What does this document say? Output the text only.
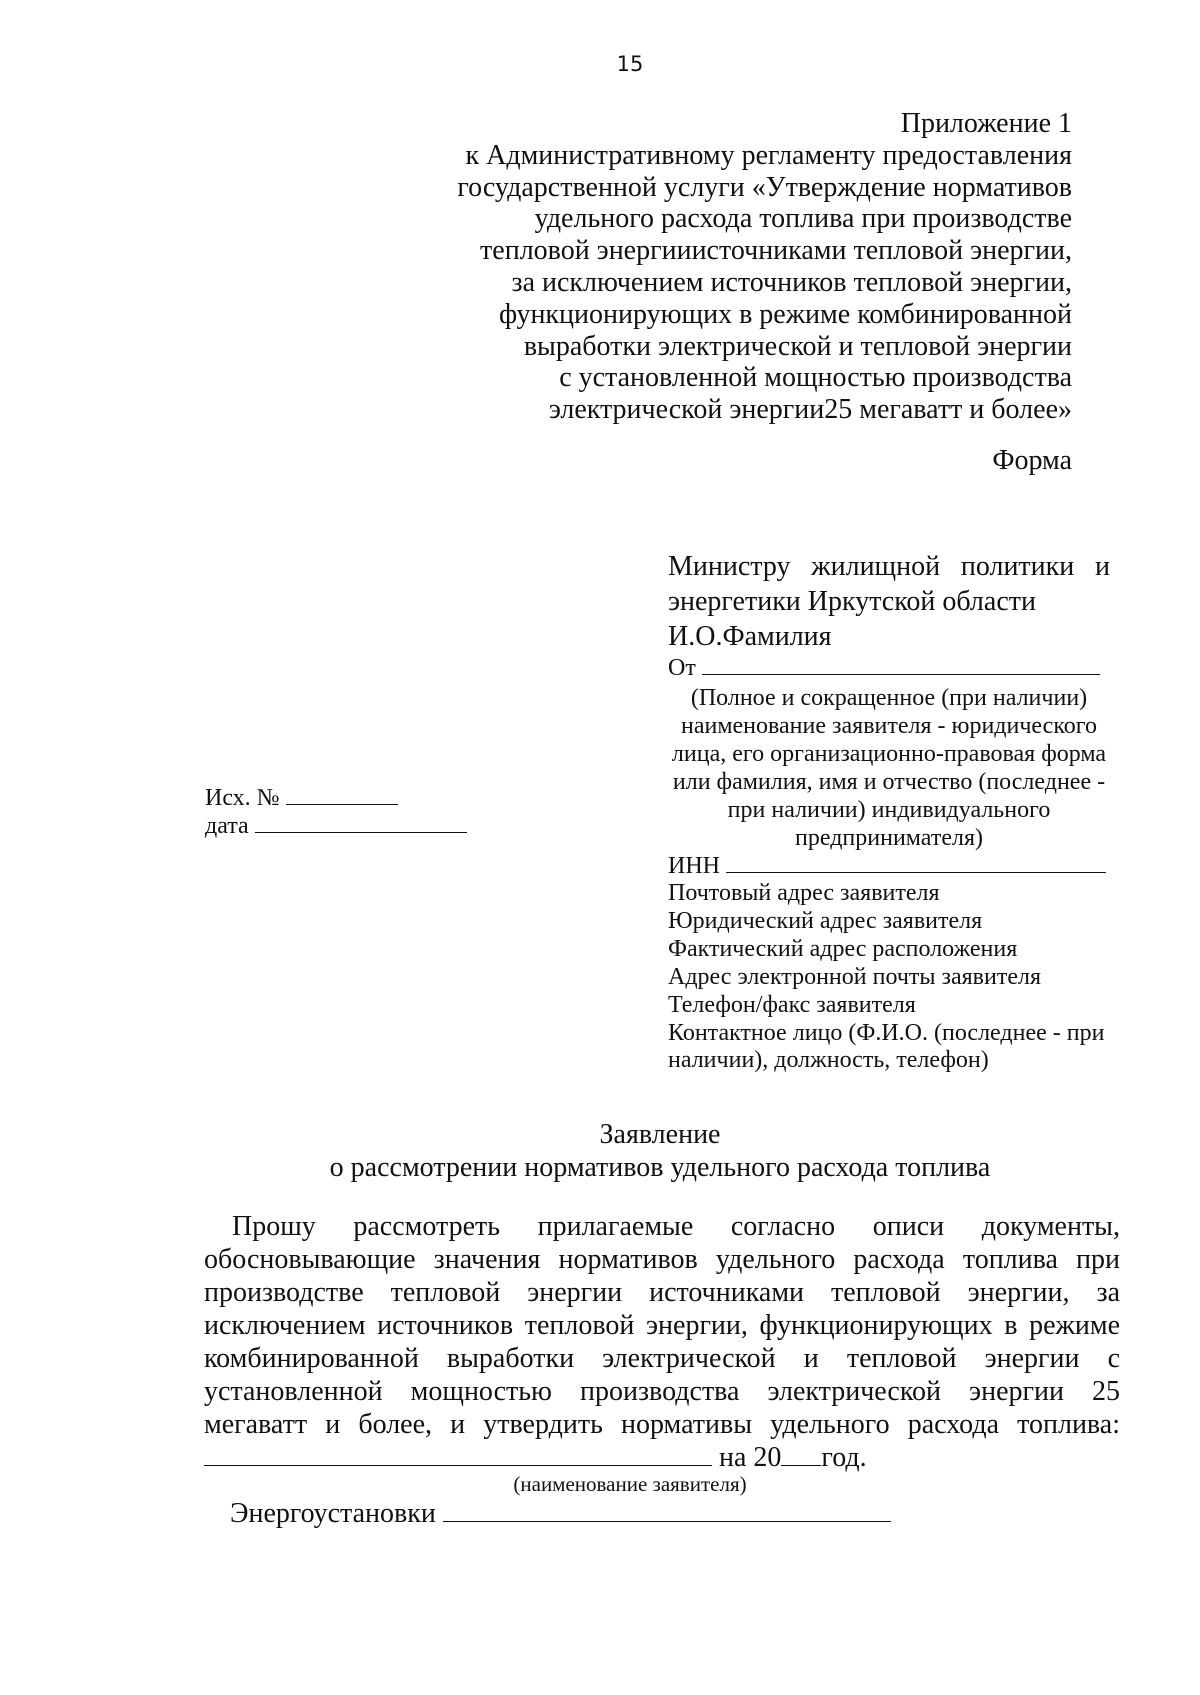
15
Приложение 1
к Административному регламенту предоставления
государственной услуги «Утверждение нормативов
удельного расхода топлива при производстве
тепловой энергииисточниками тепловой энергии,
за исключением источников тепловой энергии,
функционирующих в режиме комбинированной
выработки электрической и тепловой энергии
с установленной мощностью производства
электрической энергии25 мегаватт и более»
Форма
Министру жилищной политики и
энергетики Иркутской области
И.О.Фамилия
От
(Полное и сокращенное (при наличии) наименование заявителя - юридического лица, его организационно-правовая форма или фамилия, имя и отчество (последнее - при наличии) индивидуального предпринимателя)
ИНН
Почтовый адрес заявителя
Юридический адрес заявителя
Фактический адрес расположения
Адрес электронной почты заявителя
Телефон/факс заявителя
Контактное лицо (Ф.И.О. (последнее - при наличии), должность, телефон)
Исх. №
дата
Заявление
о рассмотрении нормативов удельного расхода топлива
Прошу рассмотреть прилагаемые согласно описи документы, обосновывающие значения нормативов удельного расхода топлива при производстве тепловой энергии источниками тепловой энергии, за исключением источников тепловой энергии, функционирующих в режиме комбинированной выработки электрической и тепловой энергии с установленной мощностью производства электрической энергии 25 мегаватт и более, и утвердить нормативы удельного расхода топлива:
на 20 год.
(наименование заявителя)
Энергоустановки
